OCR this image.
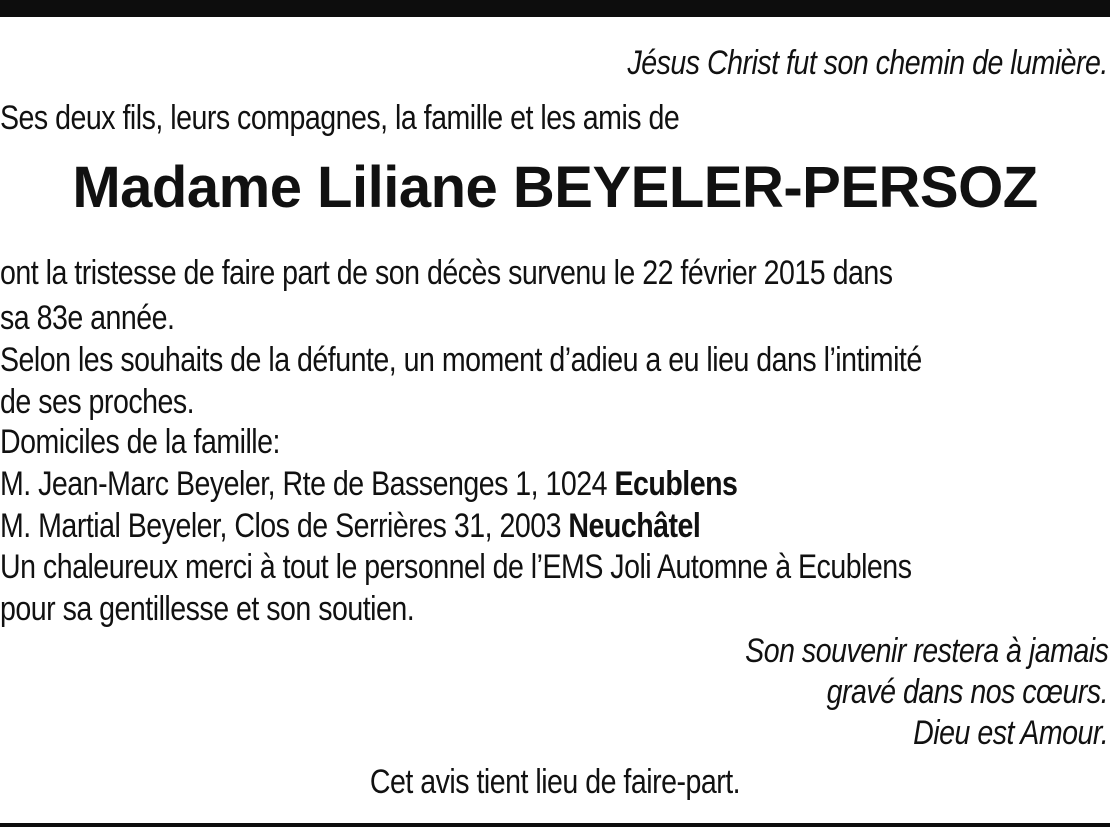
Jésus Christ fut son chemin de lumière.
Ses deux fils, leurs compagnes, la famille et les amis de
Madame Liliane BEYELER-PERSOZ
ont la tristesse de faire part de son décès survenu le 22 février 2015 dans
sa 83e année.
Selon les souhaits de la défunte, un moment d’adieu a eu lieu dans l’intimité
de ses proches.
Domiciles de la famille:
M. Jean-Marc Beyeler, Rte de Bassenges 1, 1024 Ecublens
M. Martial Beyeler, Clos de Serrières 31, 2003 Neuchâtel
Un chaleureux merci à tout le personnel de l’EMS Joli Automne à Ecublens
pour sa gentillesse et son soutien.
Son souvenir restera à jamais
gravé dans nos cœurs.
Dieu est Amour.
Cet avis tient lieu de faire-part.
